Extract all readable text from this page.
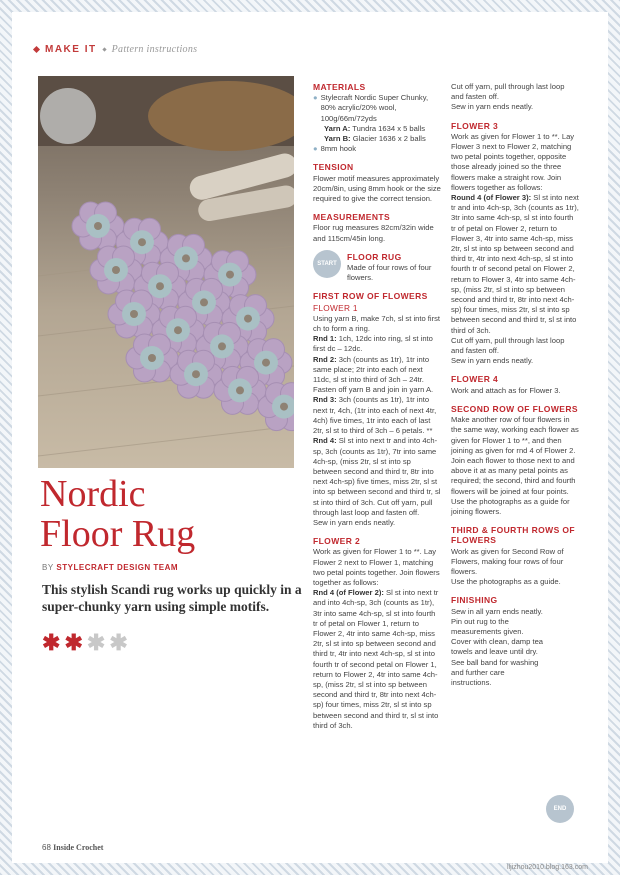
MAKE IT Pattern instructions
Nordic
Floor Rug
BY STYLECRAFT DESIGN TEAM
This stylish Scandi rug works up quickly in a super-chunky yarn using simple motifs.
✱ ✱ ✱ ✱
MATERIALS
● Stylecraft Nordic Super Chunky, 80% acrylic/20% wool, 100g/66m/72yds

Yarn A: Tundra 1634 x 5 balls

Yarn B: Glacier 1636 x 2 balls

● 8mm hook
TENSION

Flower motif measures approximately 20cm/8in, using 8mm hook or the size required to give the correct tension.

MEASUREMENTS

Floor rug measures 82cm/32in wide and 115cm/45in long.

START
FLOOR RUG

Made of four rows of four flowers.

FIRST ROW OF FLOWERS
FLOWER 1

Using yarn B, make 7ch, sl st into first ch to form a ring.

Rnd 1: 1ch, 12dc into ring, sl st into first dc – 12dc.

Rnd 2: 3ch (counts as 1tr), 1tr into same place; 2tr into each of next 11dc, sl st into third of 3ch – 24tr. Fasten off yarn B and join in yarn A.

Rnd 3: 3ch (counts as 1tr), 1tr into next tr, 4ch, (1tr into each of next 4tr, 4ch) five times, 1tr into each of last 2tr, sl st to third of 3ch – 6 petals. **

Rnd 4: Sl st into next tr and into 4ch-sp, 3ch (counts as 1tr), 7tr into same 4ch-sp, (miss 2tr, sl st into sp between second and third tr, 8tr into next 4ch-sp) five times, miss 2tr, sl st into sp between second and third tr, sl st into third of 3ch. Cut off yarn, pull through last loop and fasten off.

Sew in yarn ends neatly.

FLOWER 2

Work as given for Flower 1 to **. Lay Flower 2 next to Flower 1, matching two petal points together. Join flowers together as follows:

Rnd 4 (of Flower 2): Sl st into next tr and into 4ch-sp, 3ch (counts as 1tr), 3tr into same 4ch-sp, sl st into fourth tr of petal on Flower 1, return to Flower 2, 4tr into same 4ch-sp, miss 2tr, sl st into sp between second and third tr, 4tr into next 4ch-sp, sl st into fourth tr of second petal on Flower 1, return to Flower 2, 4tr into same 4ch-sp, (miss 2tr, sl st into sp between second and third tr, 8tr into next 4ch-sp) four times, miss 2tr, sl st into sp between second and third tr, sl st into third of 3ch.

Cut off yarn, pull through last loop and fasten off.

Sew in yarn ends neatly.

FLOWER 3

Work as given for Flower 1 to **. Lay Flower 3 next to Flower 2, matching two petal points together, opposite those already joined so the three flowers make a straight row. Join flowers together as follows:

Round 4 (of Flower 3): Sl st into next tr and into 4ch-sp, 3ch (counts as 1tr), 3tr into same 4ch-sp, sl st into fourth tr of petal on Flower 2, return to Flower 3, 4tr into same 4ch-sp, miss 2tr, sl st into sp between second and third tr, 4tr into next 4ch-sp, sl st into fourth tr of second petal on Flower 2, return to Flower 3, 4tr into same 4ch-sp, (miss 2tr, sl st into sp between second and third tr, 8tr into next 4ch-sp) four times, miss 2tr, sl st into sp between second and third tr, sl st into third of 3ch.

Cut off yarn, pull through last loop and fasten off.

Sew in yarn ends neatly.

FLOWER 4

Work and attach as for Flower 3.

SECOND ROW OF FLOWERS

Make another row of four flowers in the same way, working each flower as given for Flower 1 to **, and then joining as given for rnd 4 of Flower 2. Join each flower to those next to and above it at as many petal points as required; the second, third and fourth flowers will be joined at four points.

Use the photographs as a guide for joining flowers.

THIRD & FOURTH ROWS OF FLOWERS

Work as given for Second Row of Flowers, making four rows of four flowers.

Use the photographs as a guide.

FINISHING

Sew in all yarn ends neatly. Pin out rug to the measurements given. Cover with clean, damp tea towels and leave until dry. See ball band for washing and further care instructions.

END
68 Inside Crochet
lljizhou2010.blog.163.com
